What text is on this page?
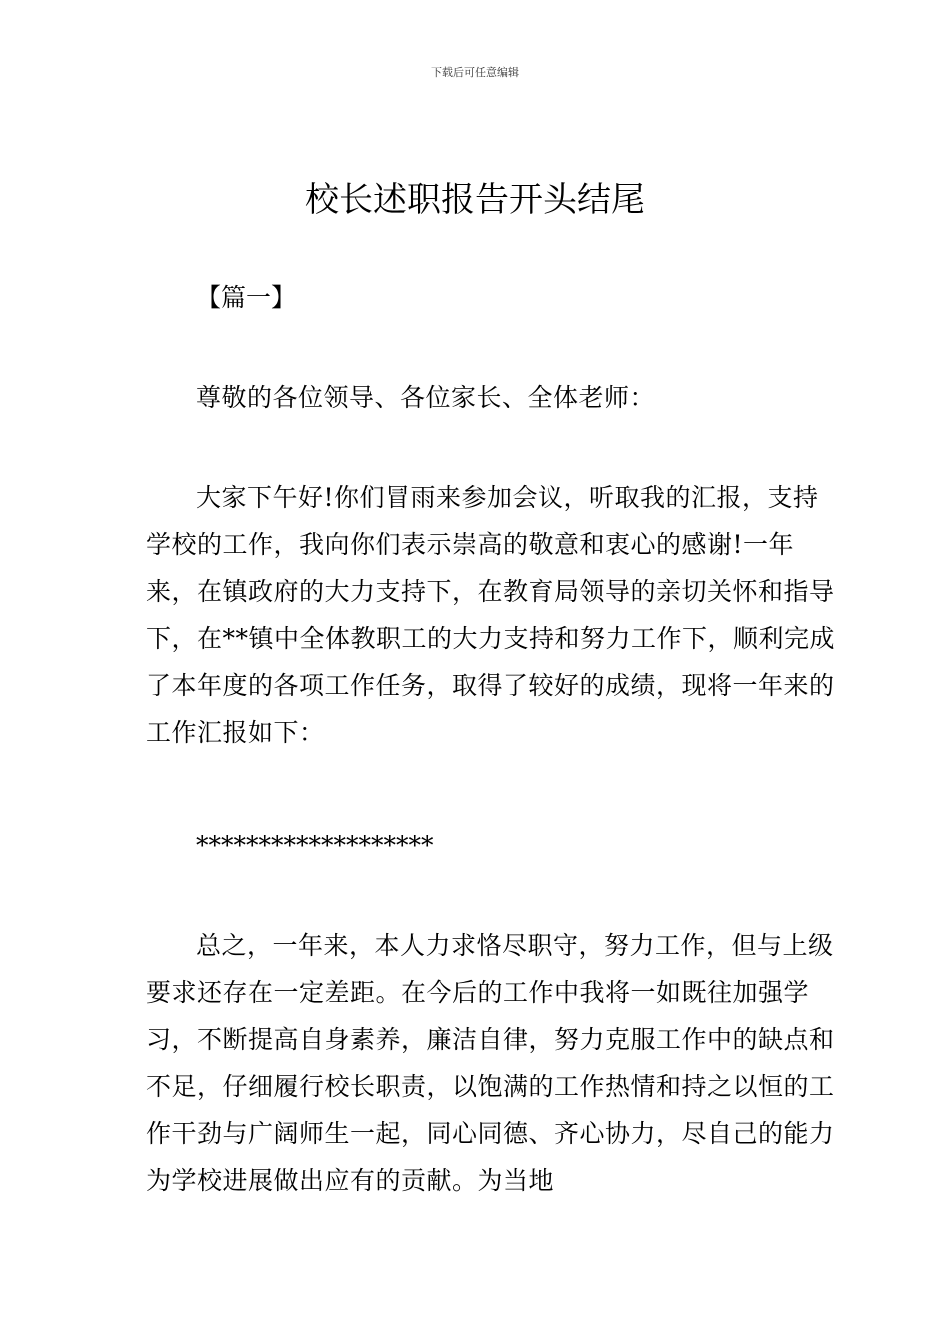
下载后可任意编辑
校长述职报告开头结尾
【篇一】

尊敬的各位领导、各位家长、全体老师：

大家下午好!你们冒雨来参加会议，听取我的汇报，支持学校的工作，我向你们表示崇高的敬意和衷心的感谢!一年来，在镇政府的大力支持下，在教育局领导的亲切关怀和指导下，在**镇中全体教职工的大力支持和努力工作下，顺利完成了本年度的各项工作任务，取得了较好的成绩，现将一年来的工作汇报如下：

*******************

总之，一年来，本人力求恪尽职守，努力工作，但与上级要求还存在一定差距。在今后的工作中我将一如既往加强学习，不断提高自身素养，廉洁自律，努力克服工作中的缺点和不足，仔细履行校长职责，以饱满的工作热情和持之以恒的工作干劲与广阔师生一起，同心同德、齐心协力，尽自己的能力为学校进展做出应有的贡献。为当地
